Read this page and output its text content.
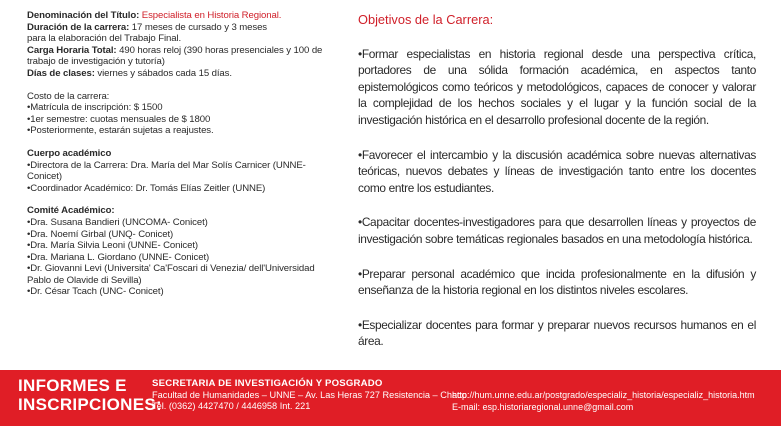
Denominación del Título: Especialista en Historia Regional.
Duración de la carrera: 17 meses de cursado y 3 meses
para la elaboración del Trabajo Final.
Carga Horaria Total: 490 horas reloj (390 horas presenciales y 100 de
trabajo de investigación y tutoría)
Días de clases: viernes y sábados cada 15 días.
Costo de la carrera:
•Matrícula de inscripción: $ 1500
•1er semestre: cuotas mensuales de $ 1800
•Posteriormente, estarán sujetas a reajustes.
Cuerpo académico
•Directora de la Carrera: Dra. María del Mar Solís Carnicer (UNNE-
Conicet)
•Coordinador Académico: Dr. Tomás Elías Zeitler (UNNE)
Comité Académico:
•Dra. Susana Bandieri (UNCOMA- Conicet)
•Dra. Noemí Girbal (UNQ- Conicet)
•Dra. María Silvia Leoni (UNNE- Conicet)
•Dra. Mariana L. Giordano (UNNE- Conicet)
•Dr. Giovanni Levi (Universita' Ca'Foscari di Venezia/ dell'Universidad
Pablo de Olavide di Sevilla)
•Dr. César Tcach (UNC- Conicet)
Objetivos de la Carrera:

•Formar especialistas en historia regional desde una perspectiva crítica, portadores de una sólida formación académica, en aspectos tanto epistemológicos como teóricos y metodológicos, capaces de conocer y valorar la complejidad de los hechos sociales y el lugar y la función social de la investigación histórica en el desarrollo profesional docente de la región.

•Favorecer el intercambio y la discusión académica sobre nuevas alternativas teóricas, nuevos debates y líneas de investigación tanto entre los docentes como entre los estudiantes.

•Capacitar docentes-investigadores para que desarrollen líneas y proyectos de investigación sobre temáticas regionales basados en una metodología histórica.

•Preparar personal académico que incida profesionalmente en la difusión y enseñanza de la historia regional en los distintos niveles escolares.

•Especializar docentes para formar y preparar nuevos recursos humanos en el área.

INFORMES E
INSCRIPCIONES:
SECRETARIA DE INVESTIGACIÓN Y POSGRADO
Facultad de Humanidades – UNNE – Av. Las Heras 727 Resistencia – Chaco.
Tel. (0362) 4427470 / 4446958 Int. 221
http://hum.unne.edu.ar/postgrado/especializ_historia/especializ_historia.htm
E-mail: esp.historiaregional.unne@gmail.com
